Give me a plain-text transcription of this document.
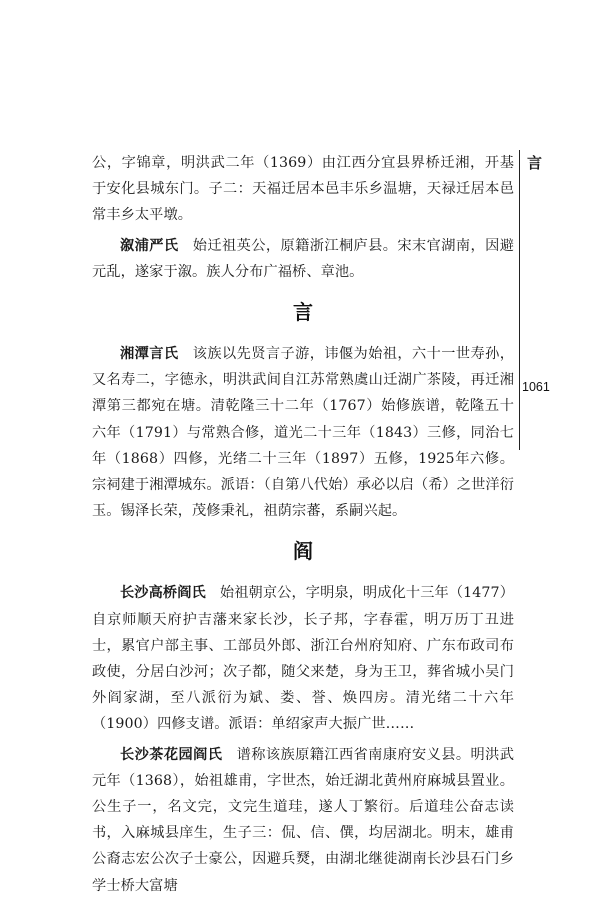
言
1061

公，字锦章，明洪武二年（1369）由江西分宜县界桥迁湘，开基于安化县城东门。子二：天福迁居本邑丰乐乡温塘，天禄迁居本邑常丰乡太平墩。

溆浦严氏 始迁祖英公，原籍浙江桐庐县。宋末官湖南，因避元乱，遂家于溆。族人分布广福桥、章池。

言

湘潭言氏 该族以先贤言子游，讳偃为始祖，六十一世寿孙，又名寿二，字德永，明洪武间自江苏常熟虞山迁湖广茶陵，再迁湘潭第三都宛在塘。清乾隆三十二年（1767）始修族谱，乾隆五十六年（1791）与常熟合修，道光二十三年（1843）三修，同治七年（1868）四修，光绪二十三年（1897）五修，1925年六修。宗祠建于湘潭城东。派语：（自第八代始）承必以启（希）之世洋衍玉。锡泽长荣，茂修秉礼，祖荫宗蕃，系嗣兴起。

阎

长沙高桥阎氏 始祖朝京公，字明泉，明成化十三年（1477）自京师顺天府护吉藩来家长沙，长子邦，字春霍，明万历丁丑进士，累官户部主事、工部员外郎、浙江台州府知府、广东布政司布政使，分居白沙河；次子都，随父来楚，身为王卫，葬省城小吴门外阎家湖，至八派衍为斌、娄、誉、焕四房。清光绪二十六年（1900）四修支谱。派语：单绍家声大振广世……

长沙茶花园阎氏 谱称该族原籍江西省南康府安义县。明洪武元年（1368），始祖雄甫，字世杰，始迁湖北黄州府麻城县置业。公生子一，名文完，文完生道珪，遂人丁繁衍。后道珪公奋志读书，入麻城县庠生，生子三：侃、信、僎，均居湖北。明末，雄甫公裔志宏公次子士豪公，因避兵燹，由湖北继徙湖南长沙县石门乡学士桥大富塘
